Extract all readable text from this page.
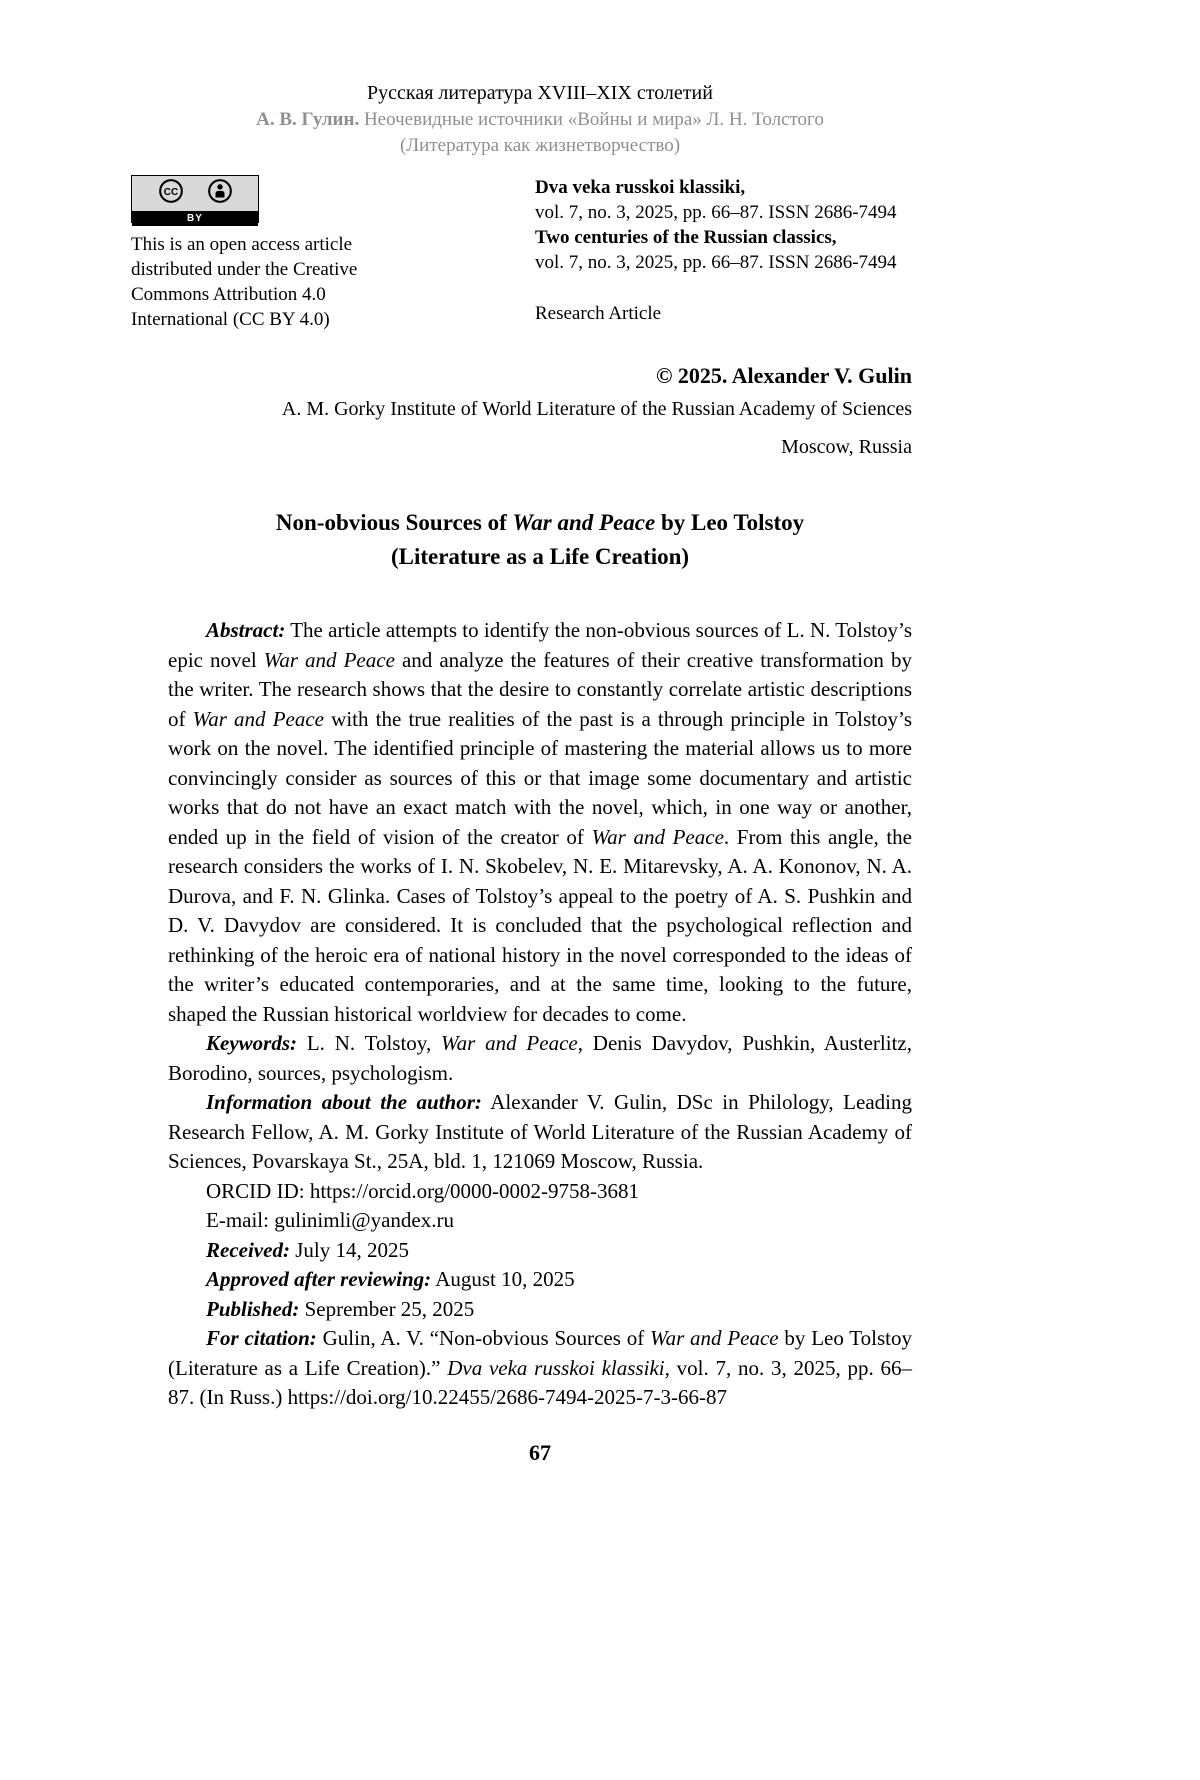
Русская литература XVIII–XIX столетий
А. В. Гулин. Неочевидные источники «Войны и мира» Л. Н. Толстого
(Литература как жизнетворчество)
CC
BY
This is an open access article distributed under the Creative Commons Attribution 4.0 International (CC BY 4.0)
Dva veka russkoi klassiki,
vol. 7, no. 3, 2025, pp. 66–87. ISSN 2686-7494
Two centuries of the Russian classics,
vol. 7, no. 3, 2025, pp. 66–87. ISSN 2686-7494
Research Article
© 2025. Alexander V. Gulin
A. M. Gorky Institute of World Literature of the Russian Academy of Sciences
Moscow, Russia
Non-obvious Sources of War and Peace by Leo Tolstoy
(Literature as a Life Creation)

Abstract: The article attempts to identify the non-obvious sources of L. N. Tolstoy’s epic novel War and Peace and analyze the features of their creative transformation by the writer. The research shows that the desire to constantly correlate artistic descriptions of War and Peace with the true realities of the past is a through principle in Tolstoy’s work on the novel. The identified principle of mastering the material allows us to more convincingly consider as sources of this or that image some documentary and artistic works that do not have an exact match with the novel, which, in one way or another, ended up in the field of vision of the creator of War and Peace. From this angle, the research considers the works of I. N. Skobelev, N. E. Mitarevsky, A. A. Kononov, N. A. Durova, and F. N. Glinka. Cases of Tolstoy’s appeal to the poetry of A. S. Pushkin and D. V. Davydov are considered. It is concluded that the psychological reflection and rethinking of the heroic era of national history in the novel corresponded to the ideas of the writer’s educated contemporaries, and at the same time, looking to the future, shaped the Russian historical worldview for decades to come.

Keywords: L. N. Tolstoy, War and Peace, Denis Davydov, Pushkin, Austerlitz, Borodino, sources, psychologism.

Information about the author: Alexander V. Gulin, DSc in Philology, Leading Research Fellow, A. M. Gorky Institute of World Literature of the Russian Academy of Sciences, Povarskaya St., 25A, bld. 1, 121069 Moscow, Russia.

ORCID ID: https://orcid.org/0000-0002-9758-3681

E-mail: gulinimli@yandex.ru

Received: July 14, 2025

Approved after reviewing: August 10, 2025

Published: Seprember 25, 2025

For citation: Gulin, A. V. “Non-obvious Sources of War and Peace by Leo Tolstoy (Literature as a Life Creation).” Dva veka russkoi klassiki, vol. 7, no. 3, 2025, pp. 66–87. (In Russ.) https://doi.org/10.22455/2686-7494-2025-7-3-66-87

67
